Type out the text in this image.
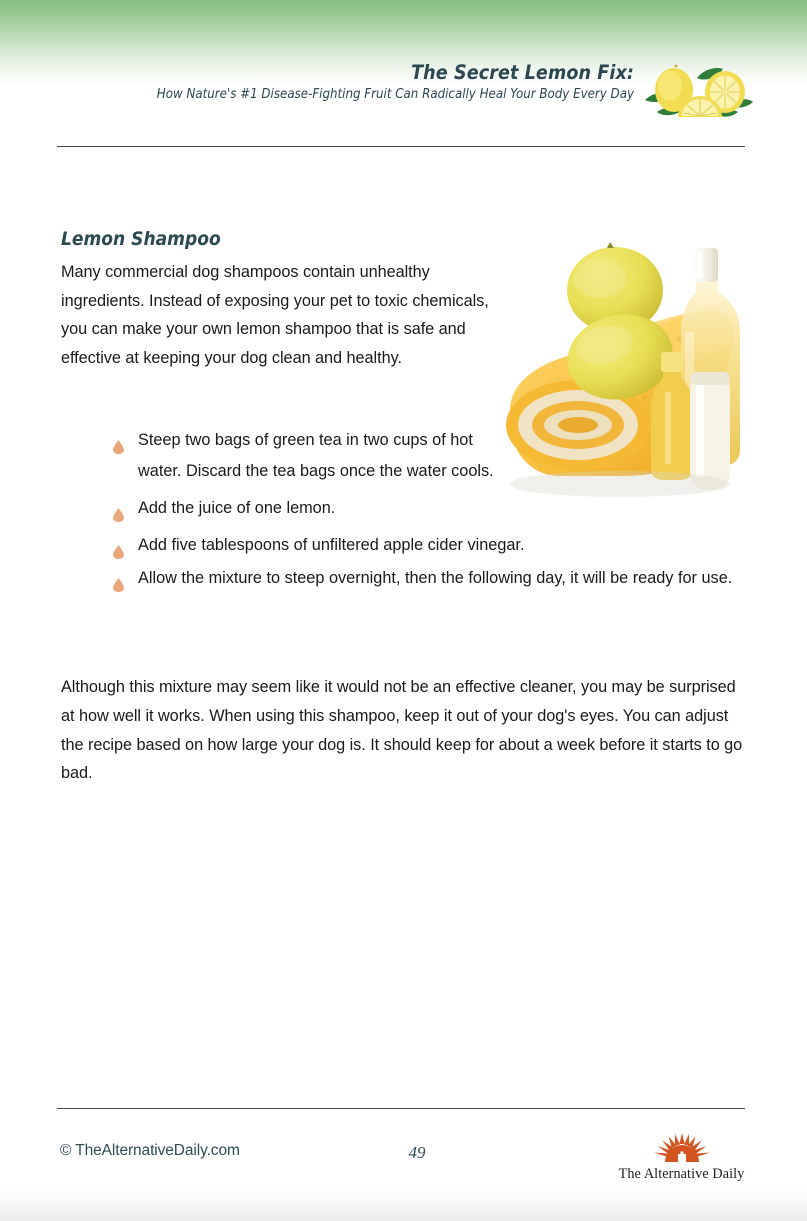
The Secret Lemon Fix:
How Nature's #1 Disease-Fighting Fruit Can Radically Heal Your Body Every Day
Lemon Shampoo

Many commercial dog shampoos contain unhealthy ingredients. Instead of exposing your pet to toxic chemicals, you can make your own lemon shampoo that is safe and effective at keeping your dog clean and healthy.

Steep two bags of green tea in two cups of hot water. Discard the tea bags once the water cools.
Add the juice of one lemon.
Add five tablespoons of unfiltered apple cider vinegar.
Allow the mixture to steep overnight, then the following day, it will be ready for use.

Although this mixture may seem like it would not be an effective cleaner, you may be surprised at how well it works. When using this shampoo, keep it out of your dog's eyes. You can adjust the recipe based on how large your dog is. It should keep for about a week before it starts to go bad.

© TheAlternativeDaily.com	49
The Alternative Daily
